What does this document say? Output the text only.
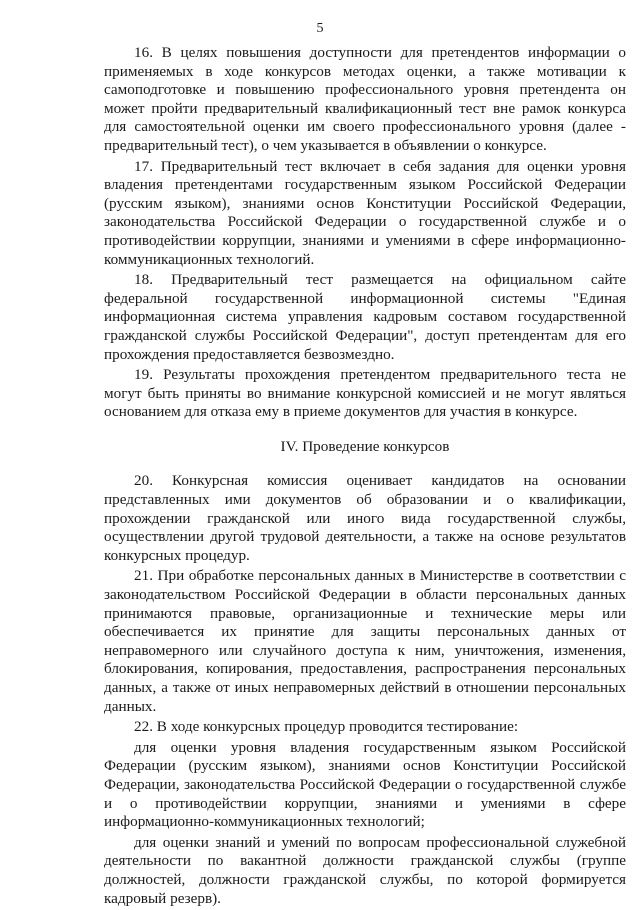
5

16. В целях повышения доступности для претендентов информации о применяемых в ходе конкурсов методах оценки, а также мотивации к самоподготовке и повышению профессионального уровня претендента он может пройти предварительный квалификационный тест вне рамок конкурса для самостоятельной оценки им своего профессионального уровня (далее - предварительный тест), о чем указывается в объявлении о конкурсе.

17. Предварительный тест включает в себя задания для оценки уровня владения претендентами государственным языком Российской Федерации (русским языком), знаниями основ Конституции Российской Федерации, законодательства Российской Федерации о государственной службе и о противодействии коррупции, знаниями и умениями в сфере информационно-коммуникационных технологий.

18. Предварительный тест размещается на официальном сайте федеральной государственной информационной системы "Единая информационная система управления кадровым составом государственной гражданской службы Российской Федерации", доступ претендентам для его прохождения предоставляется безвозмездно.

19. Результаты прохождения претендентом предварительного теста не могут быть приняты во внимание конкурсной комиссией и не могут являться основанием для отказа ему в приеме документов для участия в конкурсе.

IV. Проведение конкурсов

20. Конкурсная комиссия оценивает кандидатов на основании представленных ими документов об образовании и о квалификации, прохождении гражданской или иного вида государственной службы, осуществлении другой трудовой деятельности, а также на основе результатов конкурсных процедур.

21. При обработке персональных данных в Министерстве в соответствии с законодательством Российской Федерации в области персональных данных принимаются правовые, организационные и технические меры или обеспечивается их принятие для защиты персональных данных от неправомерного или случайного доступа к ним, уничтожения, изменения, блокирования, копирования, предоставления, распространения персональных данных, а также от иных неправомерных действий в отношении персональных данных.

22. В ходе конкурсных процедур проводится тестирование:

для оценки уровня владения государственным языком Российской Федерации (русским языком), знаниями основ Конституции Российской Федерации, законодательства Российской Федерации о государственной службе и о противодействии коррупции, знаниями и умениями в сфере информационно-коммуникационных технологий;

для оценки знаний и умений по вопросам профессиональной служебной деятельности по вакантной должности гражданской службы (группе должностей, должности гражданской службы, по которой формируется кадровый резерв).
